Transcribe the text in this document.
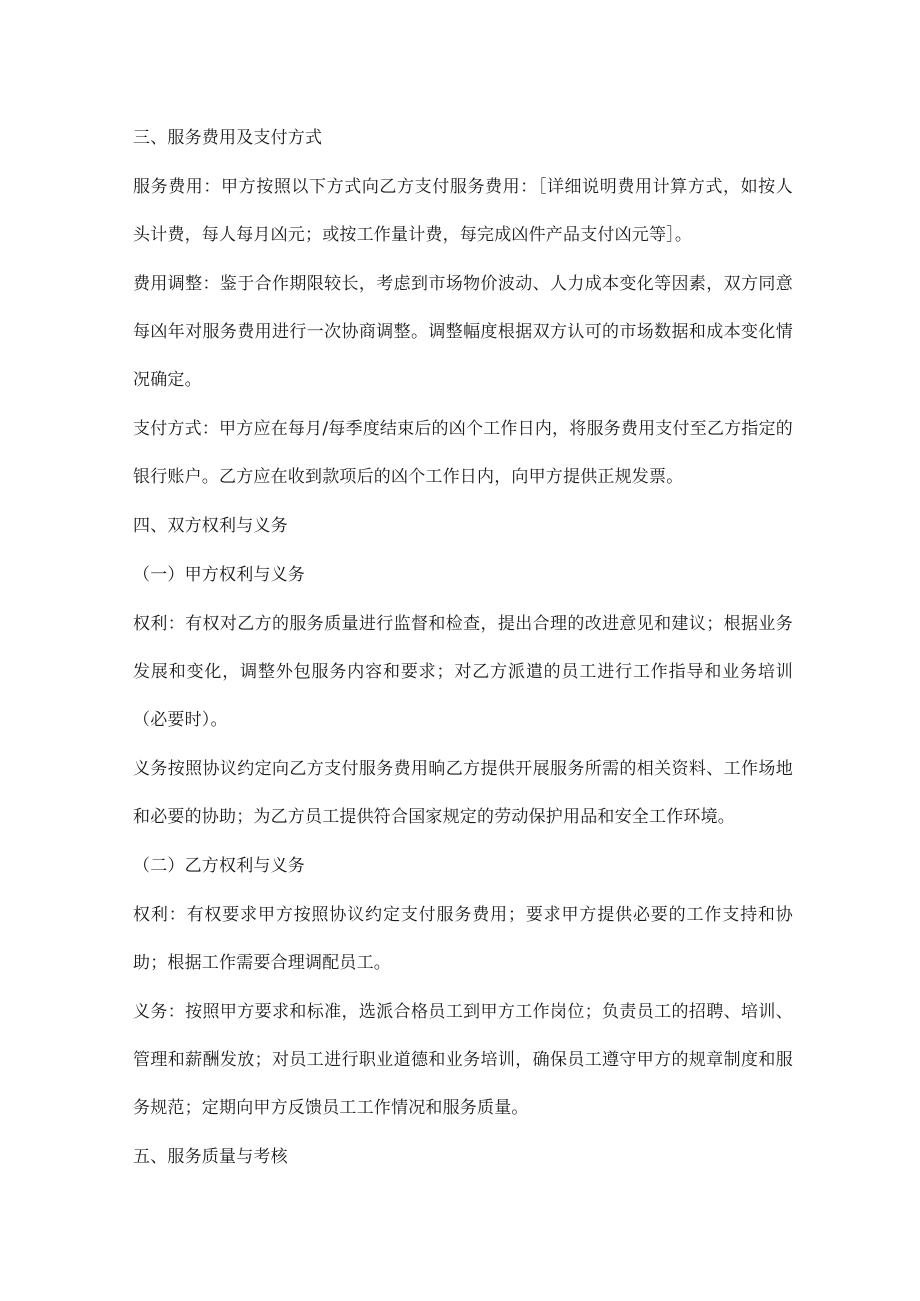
三、服务费用及支付方式

服务费用：甲方按照以下方式向乙方支付服务费用：［详细说明费用计算方式，如按人头计费，每人每月凶元；或按工作量计费，每完成凶件产品支付凶元等］。

费用调整：鉴于合作期限较长，考虑到市场物价波动、人力成本变化等因素，双方同意每凶年对服务费用进行一次协商调整。调整幅度根据双方认可的市场数据和成本变化情况确定。

支付方式：甲方应在每月/每季度结束后的凶个工作日内，将服务费用支付至乙方指定的银行账户。乙方应在收到款项后的凶个工作日内，向甲方提供正规发票。

四、双方权利与义务

（一）甲方权利与义务

权利：有权对乙方的服务质量进行监督和检查，提出合理的改进意见和建议；根据业务发展和变化，调整外包服务内容和要求；对乙方派遣的员工进行工作指导和业务培训（必要时）。

义务按照协议约定向乙方支付服务费用晌乙方提供开展服务所需的相关资料、工作场地和必要的协助；为乙方员工提供符合国家规定的劳动保护用品和安全工作环境。

（二）乙方权利与义务

权利：有权要求甲方按照协议约定支付服务费用；要求甲方提供必要的工作支持和协助；根据工作需要合理调配员工。

义务：按照甲方要求和标准，选派合格员工到甲方工作岗位；负责员工的招聘、培训、管理和薪酬发放；对员工进行职业道德和业务培训，确保员工遵守甲方的规章制度和服务规范；定期向甲方反馈员工工作情况和服务质量。

五、服务质量与考核
